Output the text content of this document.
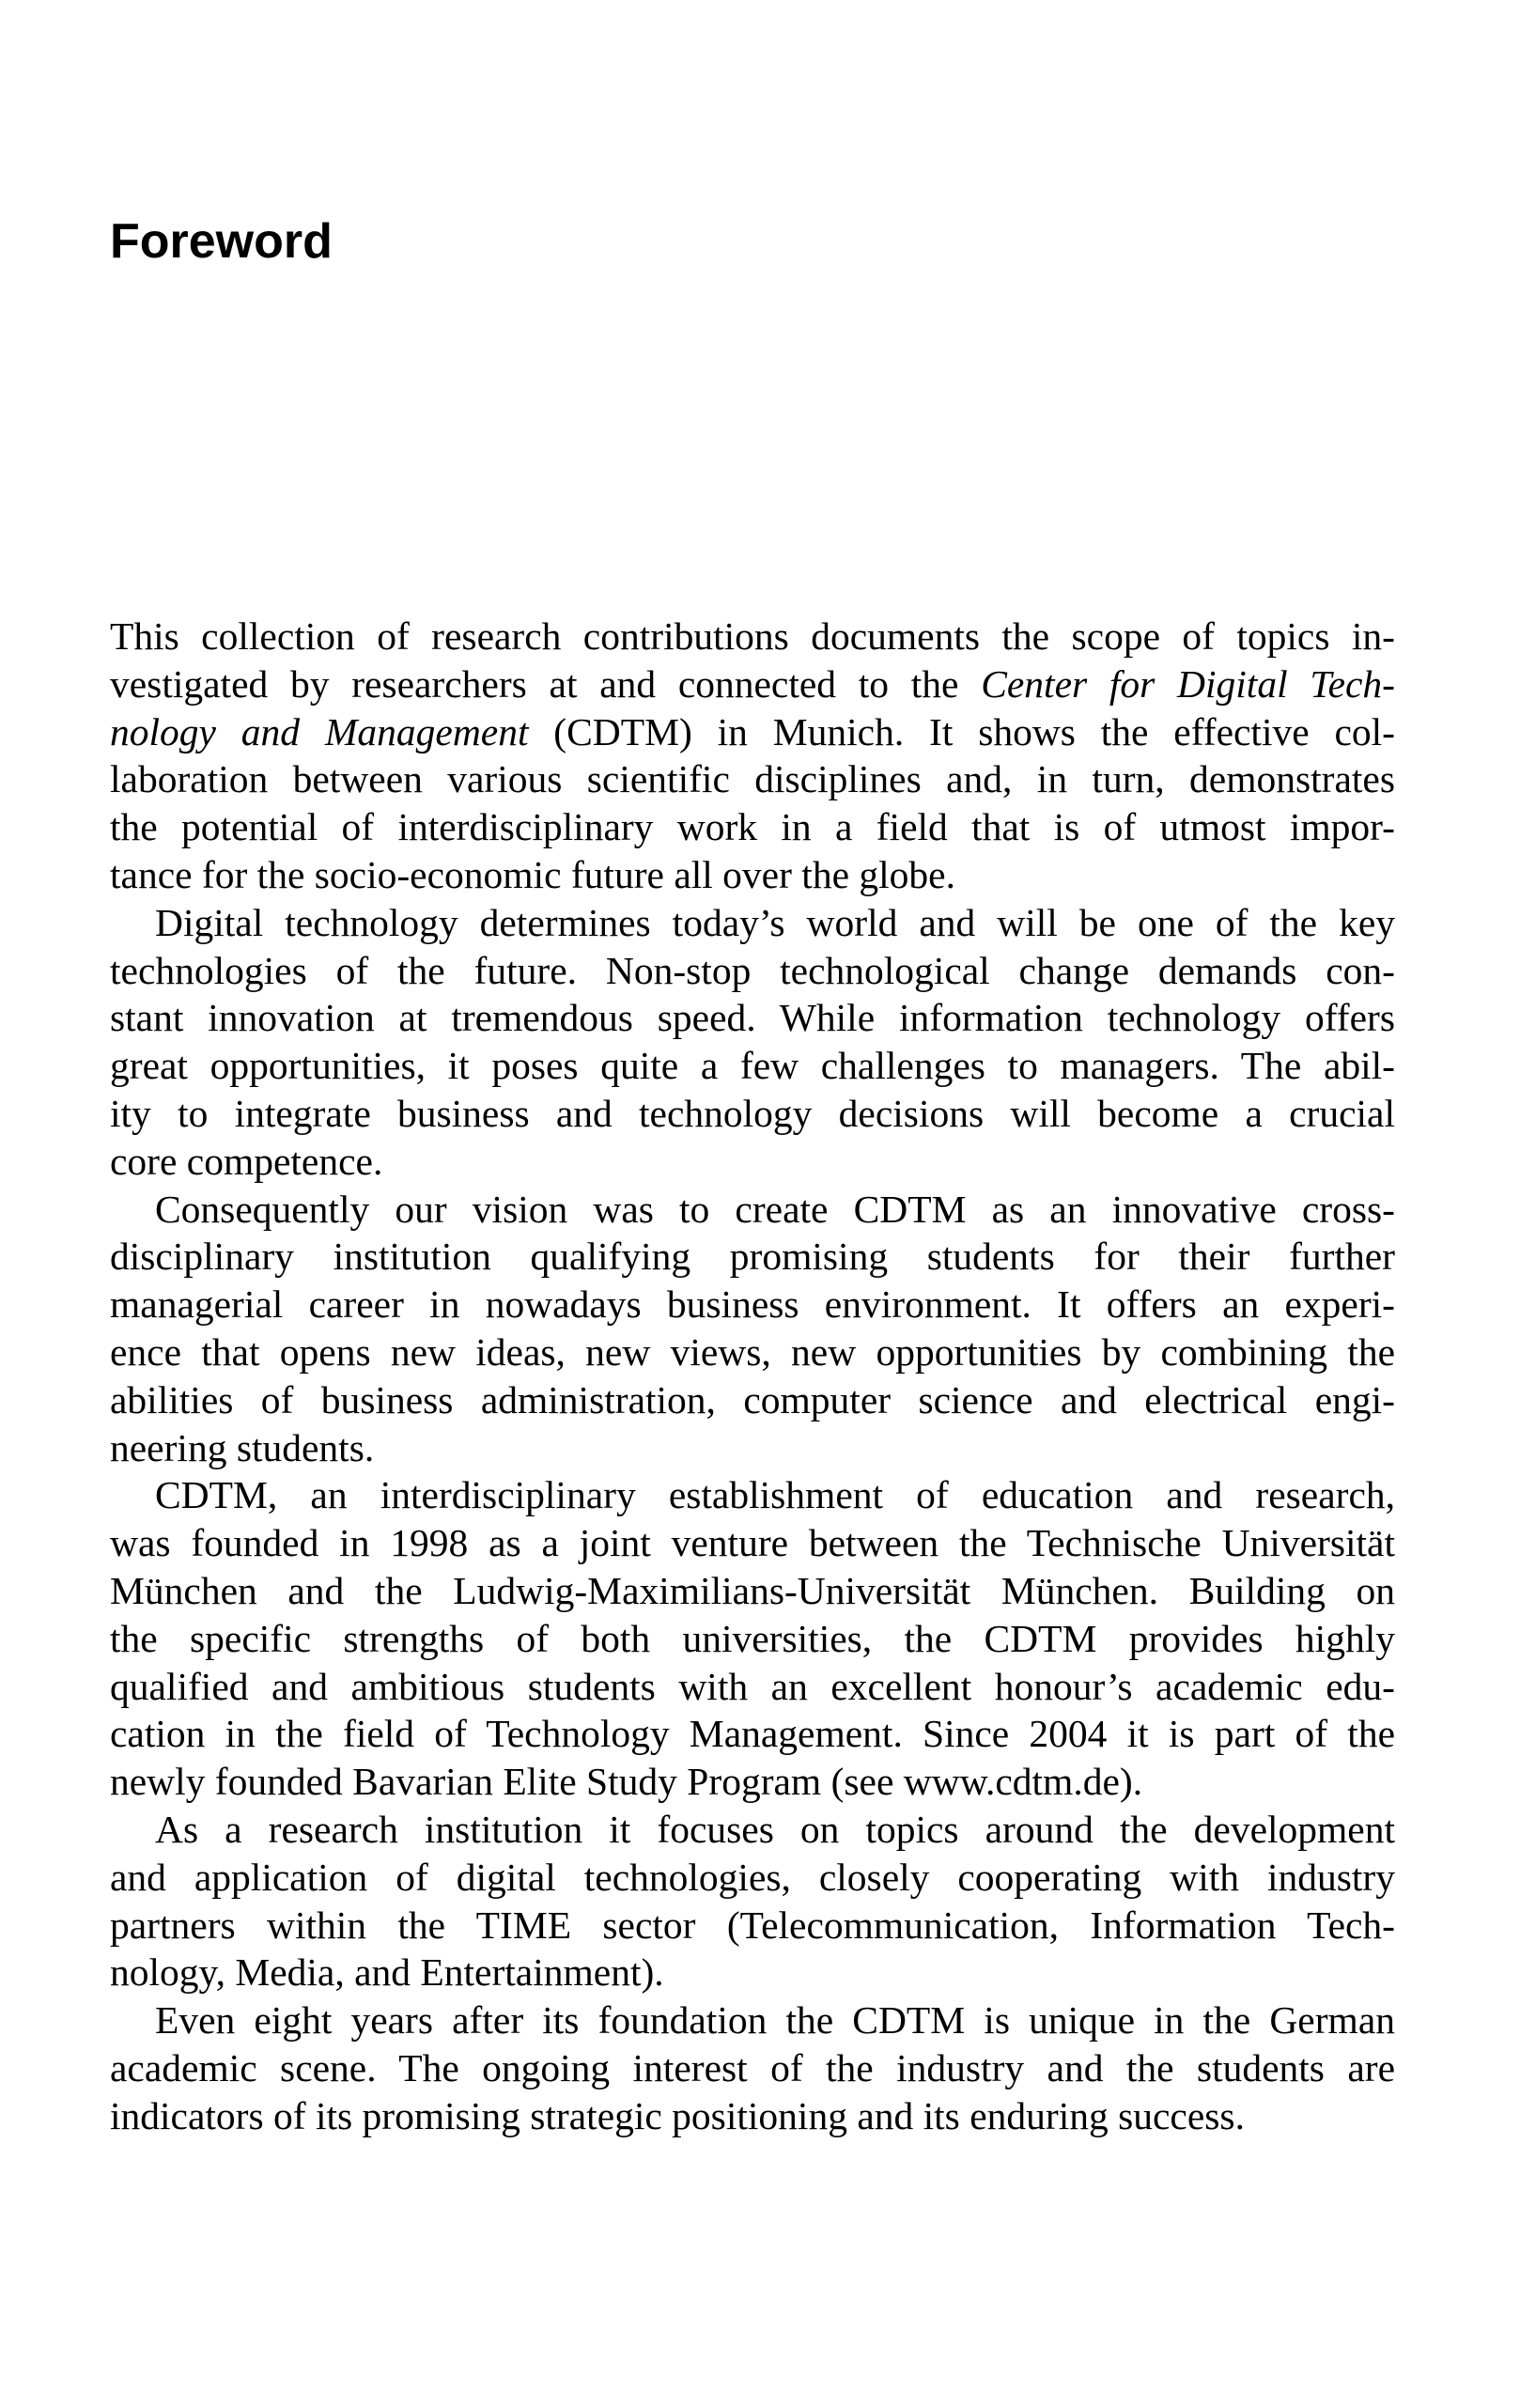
Foreword
This collection of research contributions documents the scope of topics in-
vestigated by researchers at and connected to the Center for Digital Tech-
nology and Management (CDTM) in Munich. It shows the effective col-
laboration between various scientific disciplines and, in turn, demonstrates
the potential of interdisciplinary work in a field that is of utmost impor-
tance for the socio-economic future all over the globe.
Digital technology determines today’s world and will be one of the key
technologies of the future. Non-stop technological change demands con-
stant innovation at tremendous speed. While information technology offers
great opportunities, it poses quite a few challenges to managers. The abil-
ity to integrate business and technology decisions will become a crucial
core competence.
Consequently our vision was to create CDTM as an innovative cross-
disciplinary institution qualifying promising students for their further
managerial career in nowadays business environment. It offers an experi-
ence that opens new ideas, new views, new opportunities by combining the
abilities of business administration, computer science and electrical engi-
neering students.
CDTM, an interdisciplinary establishment of education and research,
was founded in 1998 as a joint venture between the Technische Universität
München and the Ludwig-Maximilians-Universität München. Building on
the specific strengths of both universities, the CDTM provides highly
qualified and ambitious students with an excellent honour’s academic edu-
cation in the field of Technology Management. Since 2004 it is part of the
newly founded Bavarian Elite Study Program (see www.cdtm.de).
As a research institution it focuses on topics around the development
and application of digital technologies, closely cooperating with industry
partners within the TIME sector (Telecommunication, Information Tech-
nology, Media, and Entertainment).
Even eight years after its foundation the CDTM is unique in the German
academic scene. The ongoing interest of the industry and the students are
indicators of its promising strategic positioning and its enduring success.
